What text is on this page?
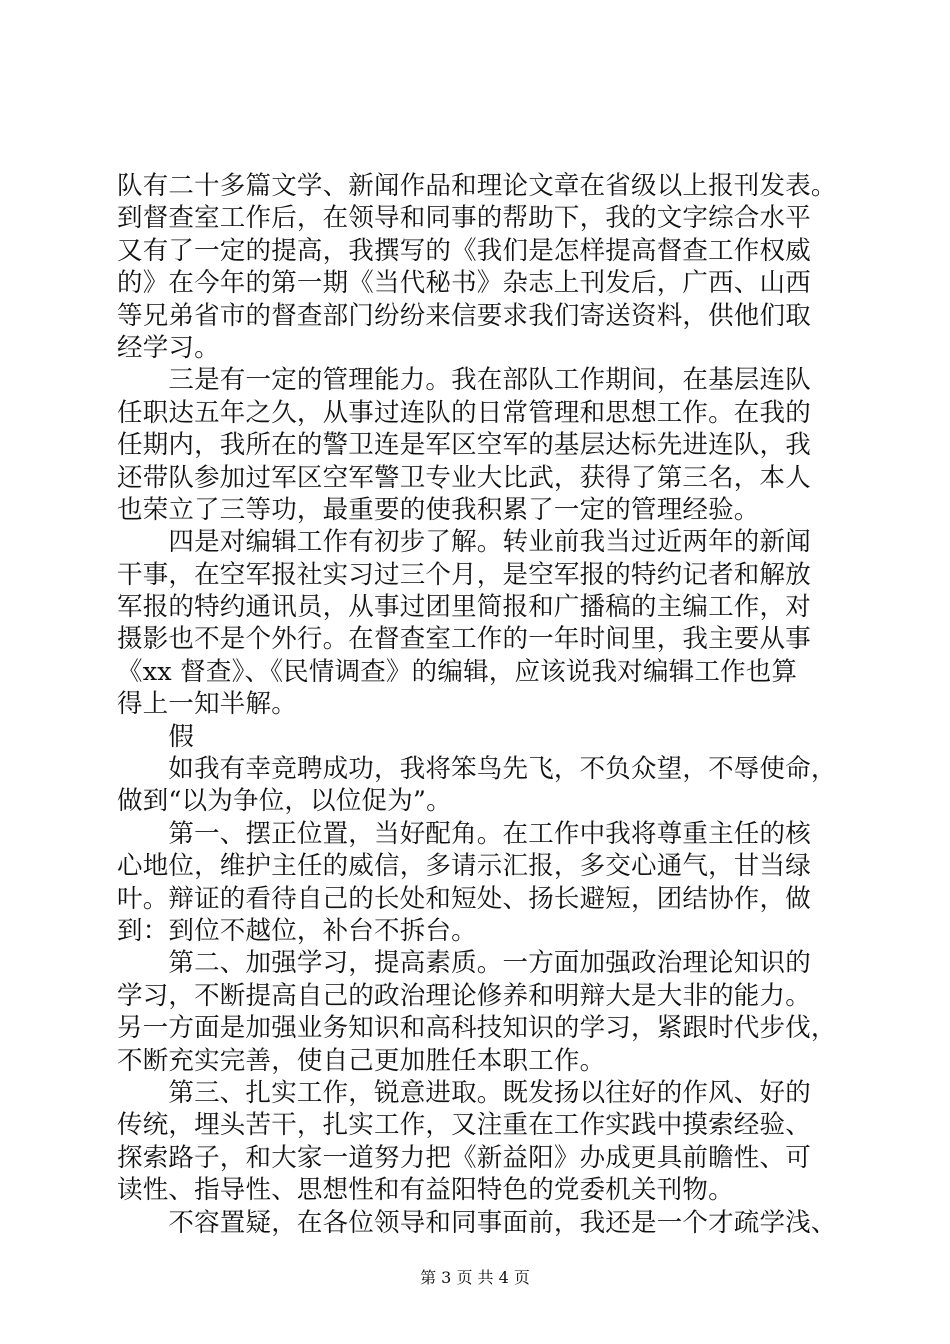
队有二十多篇文学、新闻作品和理论文章在省级以上报刊发表。
到督查室工作后，在领导和同事的帮助下，我的文字综合水平
又有了一定的提高，我撰写的《我们是怎样提高督查工作权威
的》在今年的第一期《当代秘书》杂志上刊发后，广西、山西
等兄弟省市的督查部门纷纷来信要求我们寄送资料，供他们取
经学习。
　　三是有一定的管理能力。我在部队工作期间，在基层连队
任职达五年之久，从事过连队的日常管理和思想工作。在我的
任期内，我所在的警卫连是军区空军的基层达标先进连队，我
还带队参加过军区空军警卫专业大比武，获得了第三名，本人
也荣立了三等功，最重要的使我积累了一定的管理经验。
　　四是对编辑工作有初步了解。转业前我当过近两年的新闻
干事，在空军报社实习过三个月，是空军报的特约记者和解放
军报的特约通讯员，从事过团里简报和广播稿的主编工作，对
摄影也不是个外行。在督查室工作的一年时间里，我主要从事
《xx 督查》、《民情调查》的编辑，应该说我对编辑工作也算
得上一知半解。
　　假
　　如我有幸竞聘成功，我将笨鸟先飞，不负众望，不辱使命，
做到“以为争位，以位促为”。
　　第一、摆正位置，当好配角。在工作中我将尊重主任的核
心地位，维护主任的威信，多请示汇报，多交心通气，甘当绿
叶。辩证的看待自己的长处和短处、扬长避短，团结协作，做
到：到位不越位，补台不拆台。
　　第二、加强学习，提高素质。一方面加强政治理论知识的
学习，不断提高自己的政治理论修养和明辩大是大非的能力。
另一方面是加强业务知识和高科技知识的学习，紧跟时代步伐，
不断充实完善，使自己更加胜任本职工作。
　　第三、扎实工作，锐意进取。既发扬以往好的作风、好的
传统，埋头苦干，扎实工作，又注重在工作实践中摸索经验、
探索路子，和大家一道努力把《新益阳》办成更具前瞻性、可
读性、指导性、思想性和有益阳特色的党委机关刊物。
　　不容置疑，在各位领导和同事面前，我还是一个才疏学浅、
第 3 页 共 4 页
